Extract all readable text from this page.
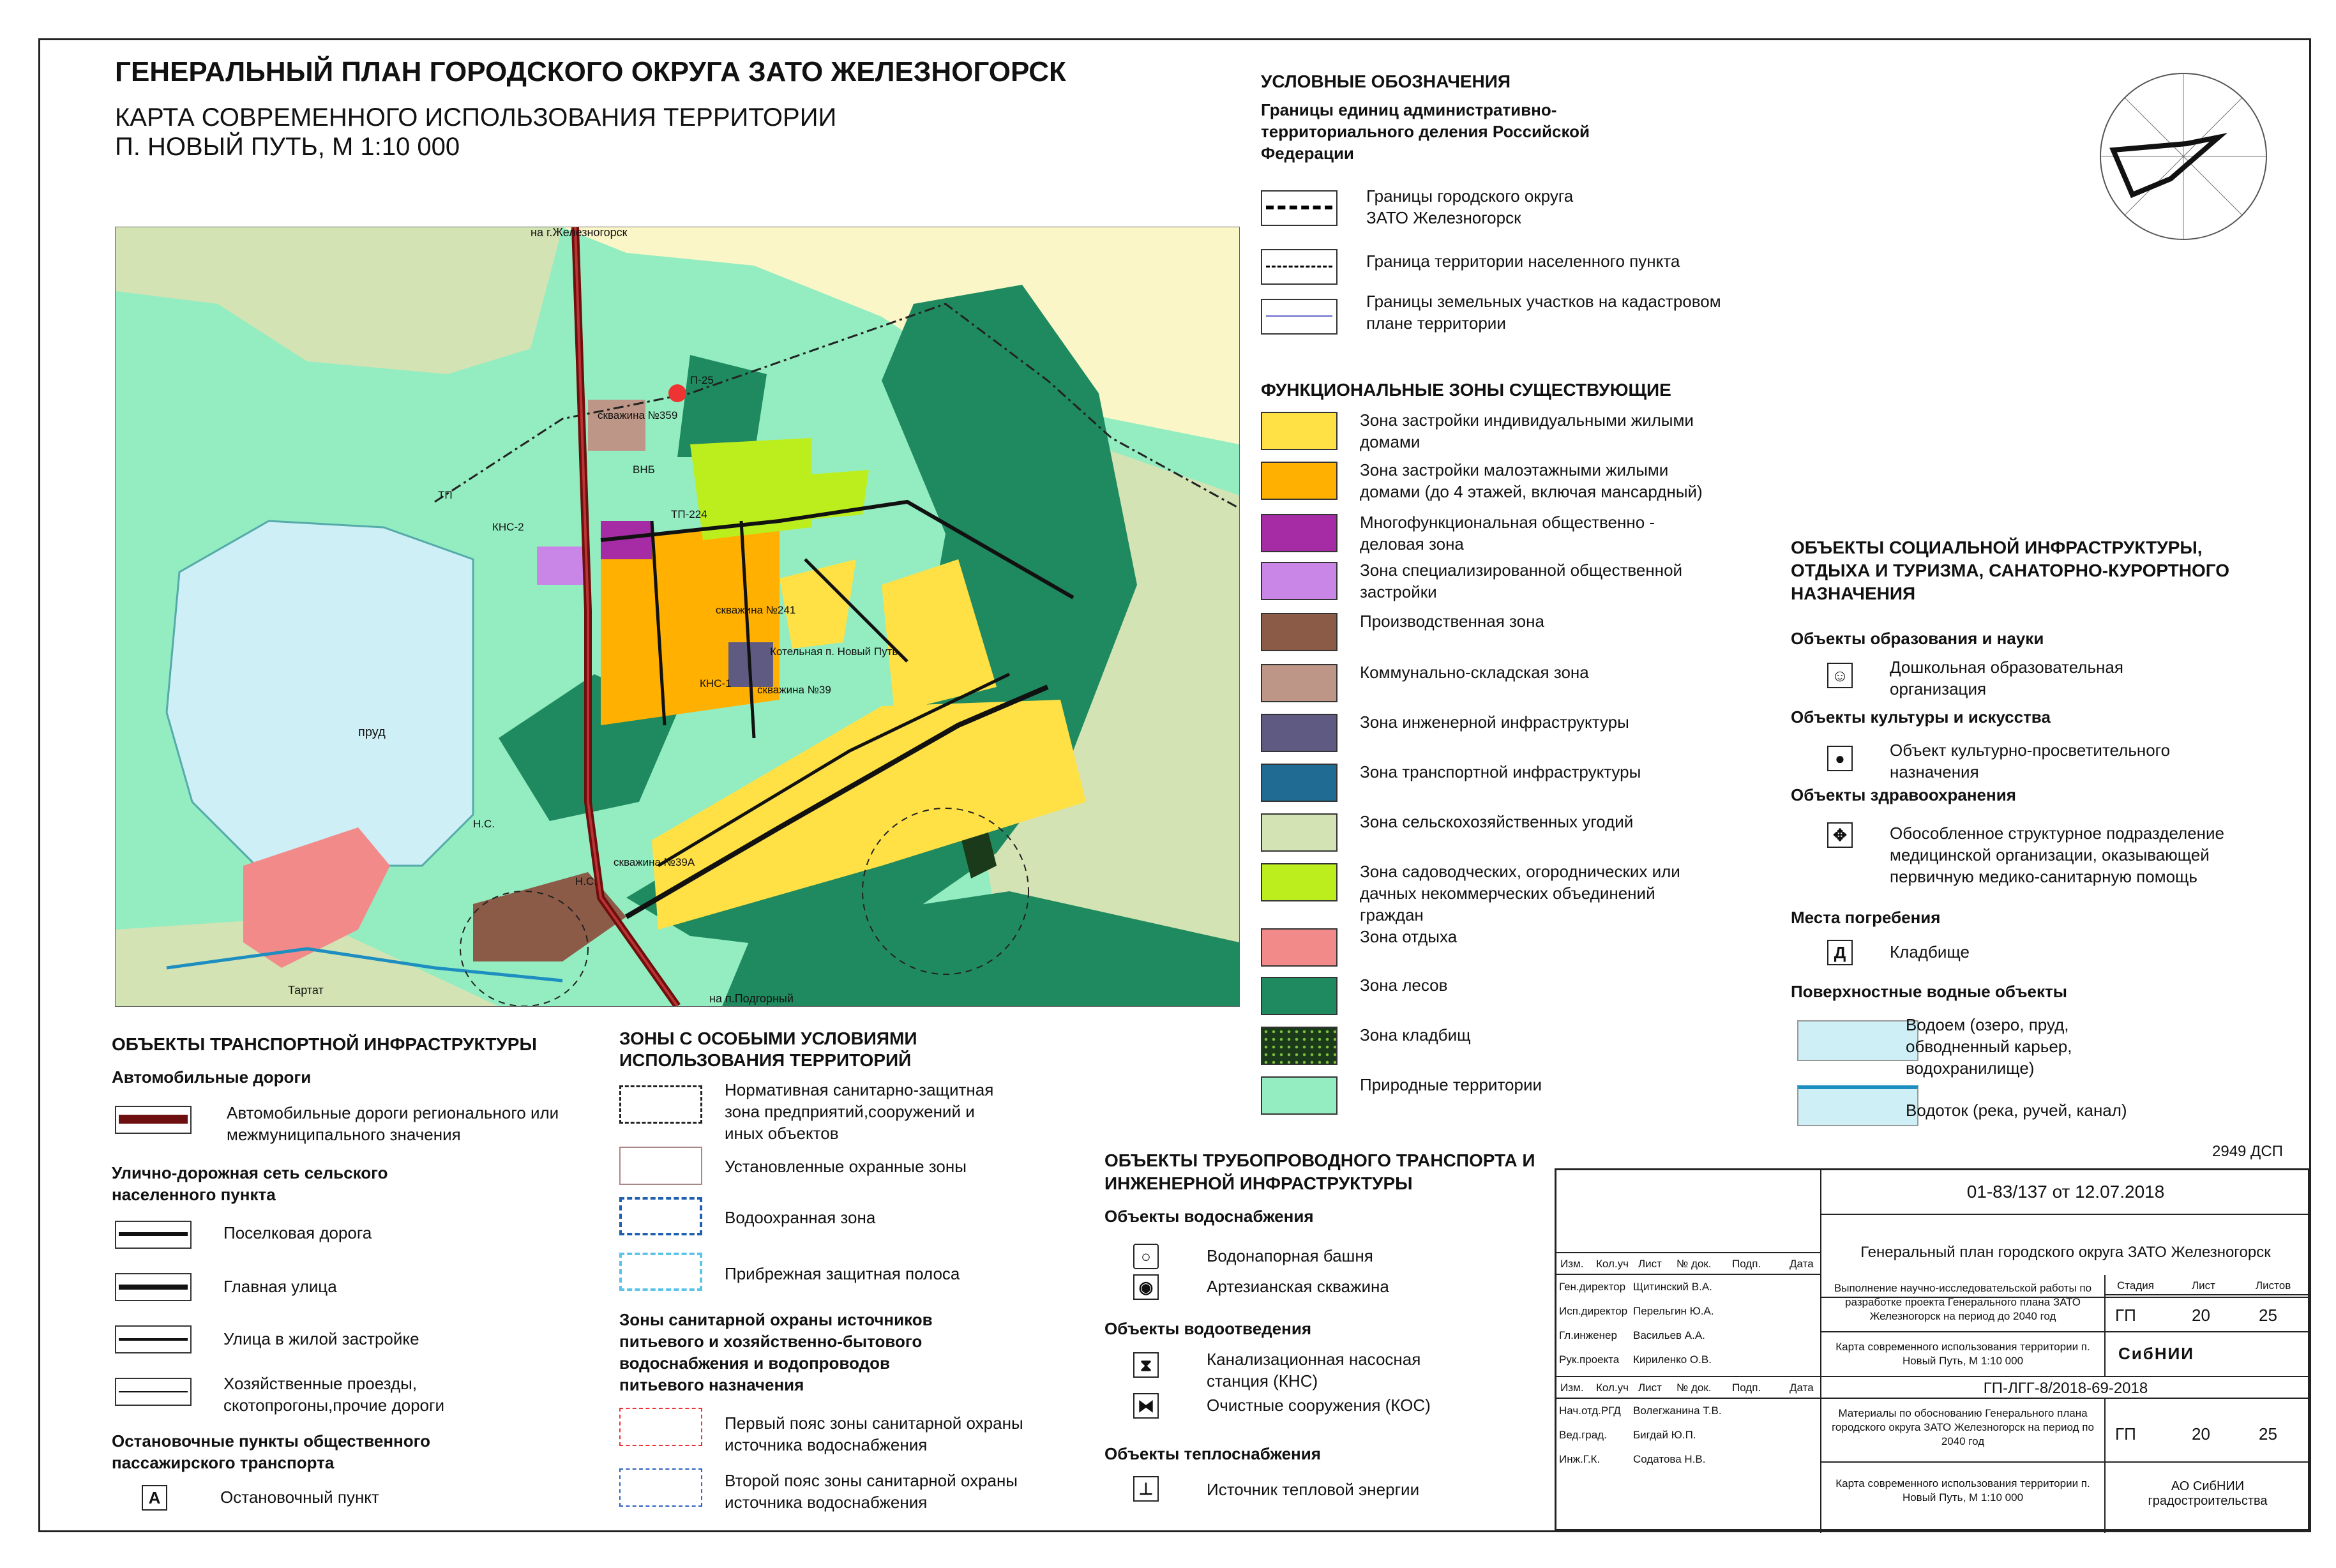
ГЕНЕРАЛЬНЫЙ ПЛАН ГОРОДСКОГО ОКРУГА ЗАТО ЖЕЛЕЗНОГОРСК
КАРТА СОВРЕМЕННОГО ИСПОЛЬЗОВАНИЯ ТЕРРИТОРИИ
П. НОВЫЙ ПУТЬ, М 1:10 000
на г.Железногорск
на п.Подгорный
пруд
Тартат
П-25
скважина №359
ВНБ
ТП-224
КНС-2
скважина №241
Котельная п. Новый Путь
КНС-1
скважина №39
скважина №39А
Н.С.
Н.С.
ТП
УСЛОВНЫЕ ОБОЗНАЧЕНИЯ
Границы единиц административно-территориального деления Российской Федерации
Границы городского округа ЗАТО Железногорск
Граница территории населенного пункта
Границы земельных участков на кадастровом плане территории
ФУНКЦИОНАЛЬНЫЕ ЗОНЫ СУЩЕСТВУЮЩИЕ
Зона застройки индивидуальными жилыми домами
Зона застройки малоэтажными жилыми домами (до 4 этажей, включая мансардный)
Многофункциональная общественно - деловая зона
Зона специализированной общественной застройки
Производственная зона
Коммунально-складская зона
Зона инженерной инфраструктуры
Зона транспортной инфраструктуры
Зона сельскохозяйственных угодий
Зона садоводческих, огороднических или дачных некоммерческих объединений граждан
Зона отдыха
Зона лесов
Зона кладбищ
Природные территории
ОБЪЕКТЫ СОЦИАЛЬНОЙ ИНФРАСТРУКТУРЫ, ОТДЫХА И ТУРИЗМА, САНАТОРНО-КУРОРТНОГО НАЗНАЧЕНИЯ
Объекты образования и науки
☺ Дошкольная образовательная организация
Объекты культуры и искусства
●	Объект культурно-просветительного назначения
Объекты здравоохранения
✥	Обособленное структурное подразделение медицинской организации, оказывающей первичную медико-санитарную помощь
Места погребения
Д	Кладбище
Поверхностные водные объекты
Водоем (озеро, пруд, обводненный карьер, водохранилище)
Водоток (река, ручей, канал)
ОБЪЕКТЫ ТРАНСПОРТНОЙ ИНФРАСТРУКТУРЫ
Автомобильные дороги
Автомобильные дороги регионального или межмуниципального значения
Улично-дорожная сеть сельского населенного пункта
Поселковая дорога
Главная улица
Улица в жилой застройке
Хозяйственные проезды, скотопрогоны,прочие дороги
Остановочные пункты общественного пассажирского транспорта
A	Остановочный пункт
ЗОНЫ С ОСОБЫМИ УСЛОВИЯМИ ИСПОЛЬЗОВАНИЯ ТЕРРИТОРИЙ
Нормативная санитарно-защитная зона предприятий,сооружений и иных объектов
Установленные охранные зоны
Водоохранная зона
Прибрежная защитная полоса
Зоны санитарной охраны источников питьевого и хозяйственно-бытового водоснабжения и водопроводов питьевого назначения
Первый пояс зоны санитарной охраны источника водоснабжения
Второй пояс зоны санитарной охраны источника водоснабжения
ОБЪЕКТЫ ТРУБОПРОВОДНОГО ТРАНСПОРТА И ИНЖЕНЕРНОЙ ИНФРАСТРУКТУРЫ
Объекты водоснабжения
○	Водонапорная башня
◉	Артезианская скважина
Объекты водоотведения
⧗	Канализационная насосная станция (КНС)
⧓	Очистные сооружения (КОС)
Объекты теплоснабжения
⊥	Источник тепловой энергии
2949 ДСП
01-83/137 от 12.07.2018
Генеральный план городского округа ЗАТО Железногорск
Изм. Кол.уч Лист № док. Подп.	Дата
Ген.директор Щитинский В.А.
Исп.директор Перельгин Ю.А.
Гл.инженер Васильев А.А.
Рук.проекта Кириленко О.В.
Выполнение научно-исследовательской работы по разработке проекта Генерального плана ЗАТО Железногорск на период до 2040 год
Стадия	Лист	Листов
ГП	20	25
Карта современного использования территории п. Новый Путь, М 1:10 000	СибНИИ
Изм. Кол.уч Лист № док. Подп.	Дата	ГП-ЛГГ-8/2018-69-2018
Нач.отд.РГД Волегжанина Т.В.
Вед.град. Бигдай Ю.П.
Инж.Г.К.	Содатова Н.В.
Материалы по обоснованию Генерального плана городского округа ЗАТО Железногорск на период по 2040 год	ГП	20	25
Карта современного использования территории п. Новый Путь, М 1:10 000
АО СибНИИ градостроительства
